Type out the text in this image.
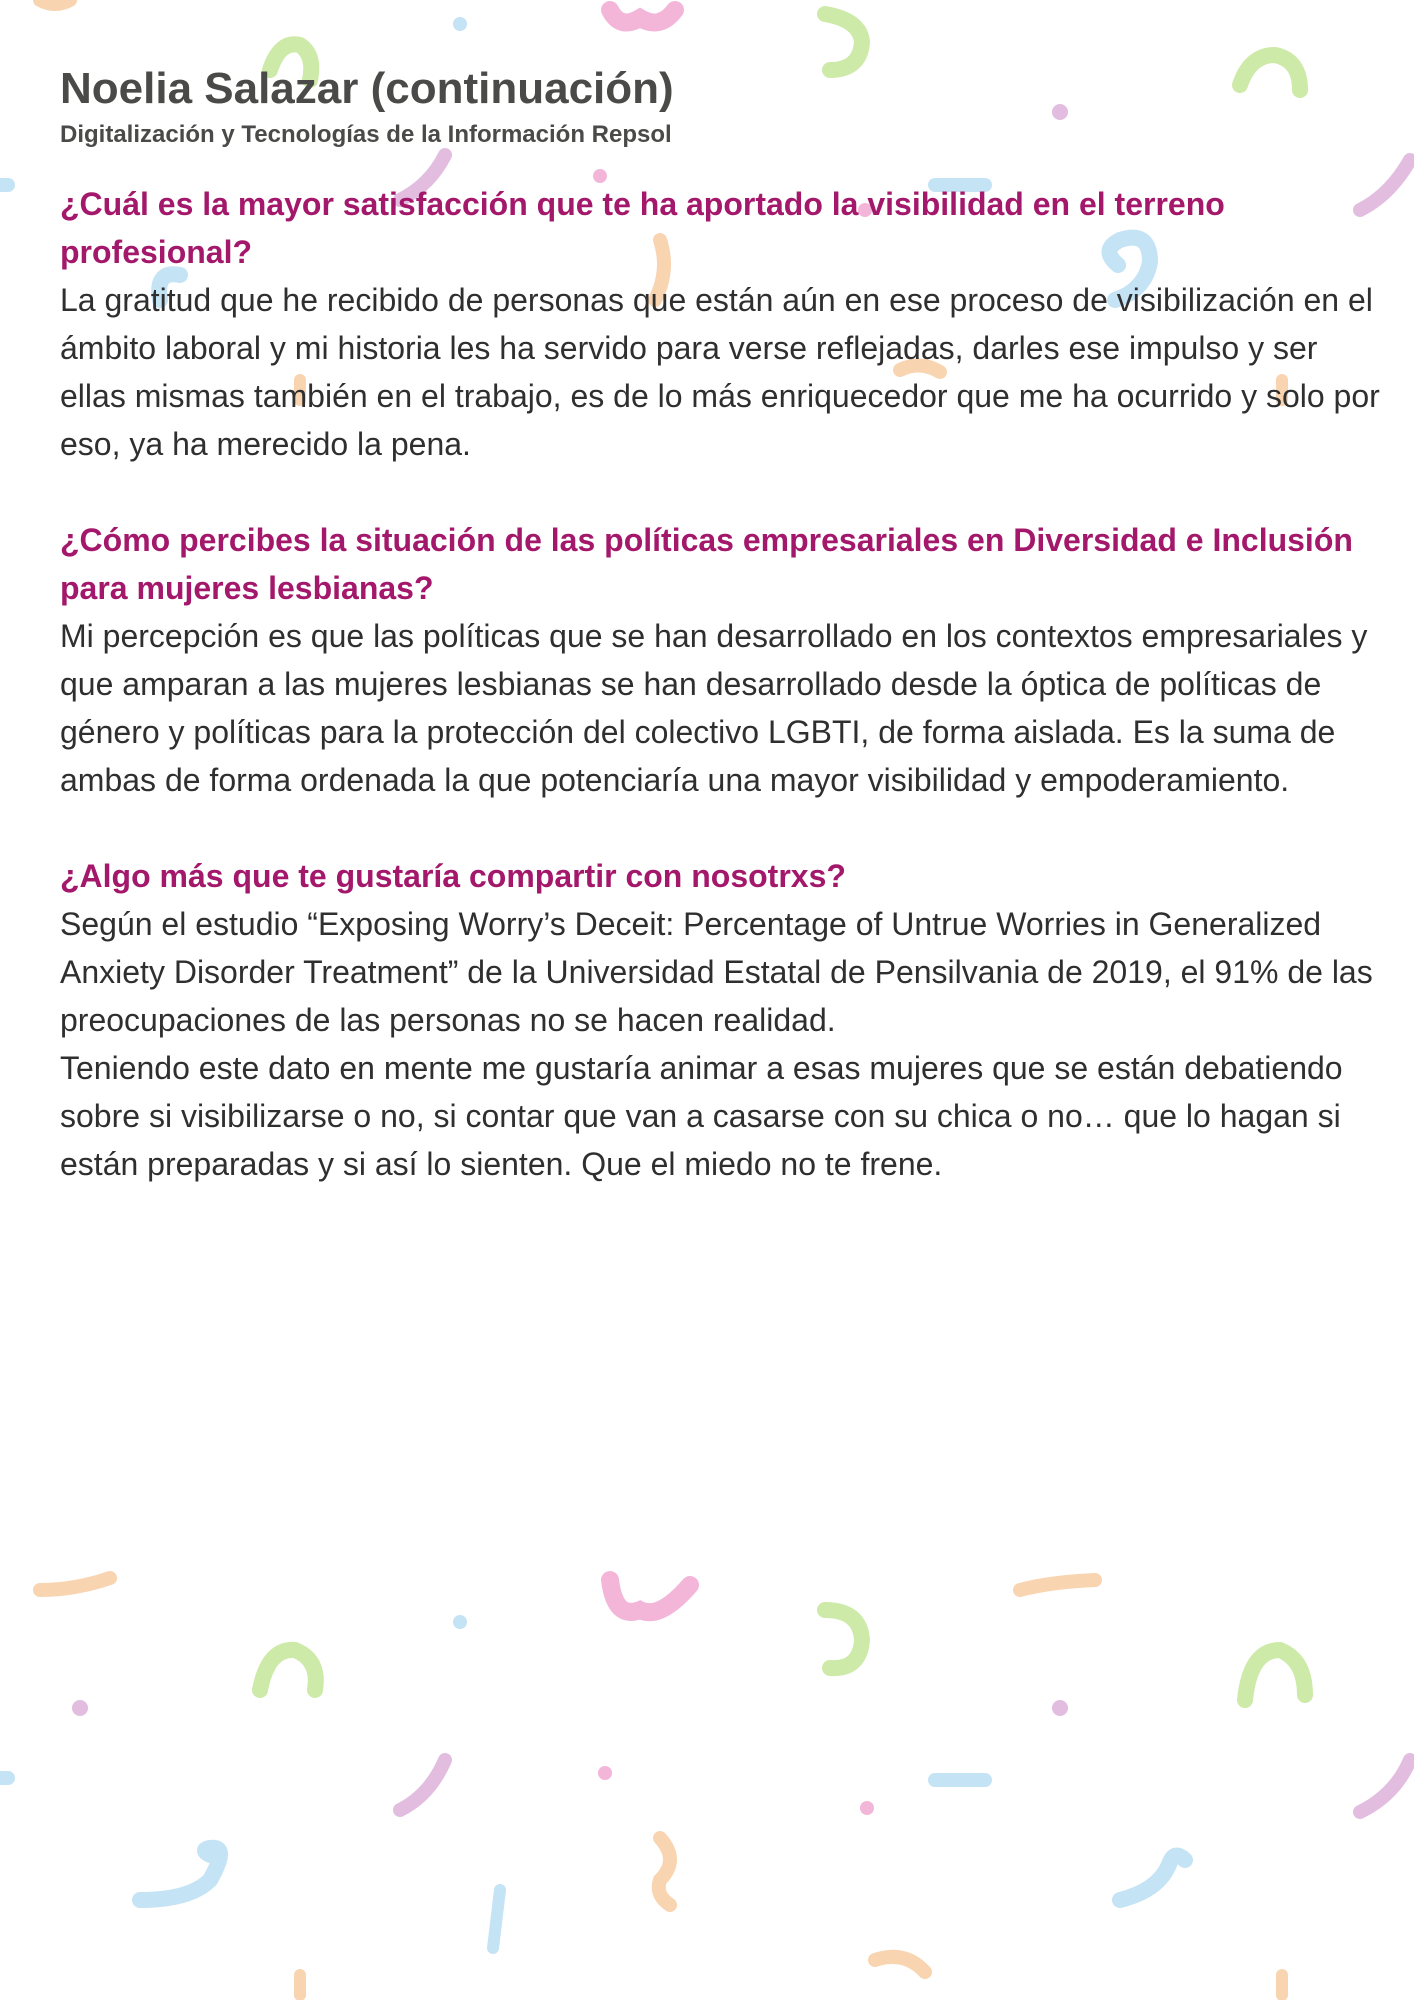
Noelia Salazar (continuación)

Digitalización y Tecnologías de la Información Repsol

¿Cuál es la mayor satisfacción que te ha aportado la visibilidad en el terreno profesional?

La gratitud que he recibido de personas que están aún en ese proceso de visibilización en el ámbito laboral y mi historia les ha servido para verse reflejadas, darles ese impulso y ser ellas mismas también en el trabajo, es de lo más enriquecedor que me ha ocurrido y solo por eso, ya ha merecido la pena.

¿Cómo percibes la situación de las políticas empresariales en Diversidad e Inclusión para mujeres lesbianas?

Mi percepción es que las políticas que se han desarrollado en los contextos empresariales y que amparan a las mujeres lesbianas se han desarrollado desde la óptica de políticas de género y políticas para la protección del colectivo LGBTI, de forma aislada. Es la suma de ambas de forma ordenada la que potenciaría una mayor visibilidad y empoderamiento.

¿Algo más que te gustaría compartir con nosotrxs?

Según el estudio “Exposing Worry’s Deceit: Percentage of Untrue Worries in Generalized Anxiety Disorder Treatment” de la Universidad Estatal de Pensilvania de 2019, el 91% de las preocupaciones de las personas no se hacen realidad.

Teniendo este dato en mente me gustaría animar a esas mujeres que se están debatiendo sobre si visibilizarse o no, si contar que van a casarse con su chica o no… que lo hagan si están preparadas y si así lo sienten. Que el miedo no te frene.
